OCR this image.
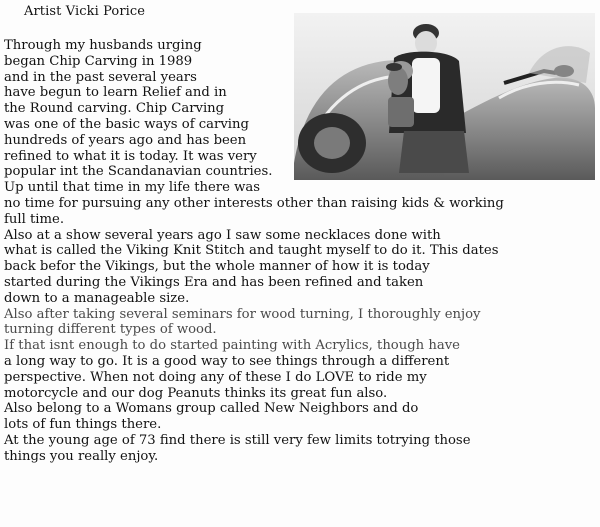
Artist Vicki Porice
Through my husbands urging
began Chip Carving in 1989
and in the past several years
have begun to learn Relief and in
the Round carving. Chip Carving
was one of the basic ways of carving
hundreds of years ago and has been
refined to what it is today. It was very
popular int the Scandanavian countries.
Up until that time in my life there was
no time for pursuing any other interests other than raising kids & working
full time.
Also at a show several years ago I saw some necklaces done with
what is called the Viking Knit Stitch and taught myself to do it. This dates
back befor the Vikings, but the whole manner of how it is today
started during the Vikings Era and has been refined and taken
down to a manageable size.
Also after taking several seminars for wood turning, I thoroughly enjoy
turning different types of wood.
If that isnt enough to do started painting with Acrylics, though have
a long way to go. It is a good way to see things through a different
perspective. When not doing any of these I do LOVE to ride my
motorcycle and our dog Peanuts thinks its great fun also.
Also belong to a Womans group called New Neighbors and do
lots of fun things there.
At the young age of 73 find there is still very few limits totrying those
things you really enjoy.
